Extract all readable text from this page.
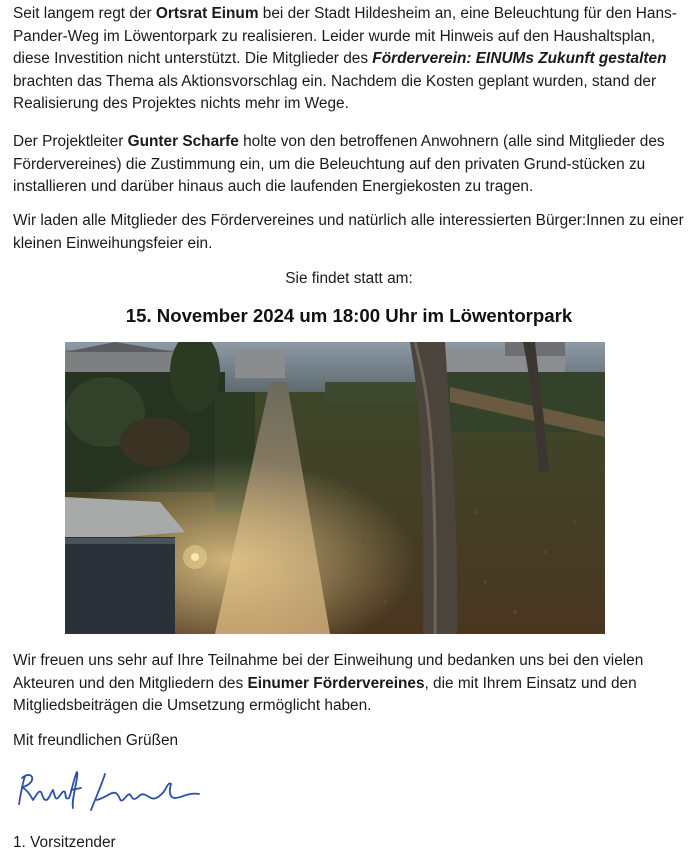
Seit langem regt der Ortsrat Einum bei der Stadt Hildesheim an, eine Beleuchtung für den Hans-Pander-Weg im Löwentorpark zu realisieren. Leider wurde mit Hinweis auf den Haushaltsplan, diese Investition nicht unterstützt. Die Mitglieder des Förderverein: EINUMs Zukunft gestalten brachten das Thema als Aktionsvorschlag ein. Nachdem die Kosten geplant wurden, stand der Realisierung des Projektes nichts mehr im Wege.

Der Projektleiter Gunter Scharfe holte von den betroffenen Anwohnern (alle sind Mitglieder des Fördervereines) die Zustimmung ein, um die Beleuchtung auf den privaten Grund-stücken zu installieren und darüber hinaus auch die laufenden Energiekosten zu tragen.

Wir laden alle Mitglieder des Fördervereines und natürlich alle interessierten Bürger:Innen zu einer kleinen Einweihungsfeier ein.

Sie findet statt am:

15. November 2024 um 18:00 Uhr im Löwentorpark

Wir freuen uns sehr auf Ihre Teilnahme bei der Einweihung und bedanken uns bei den vielen Akteuren und den Mitgliedern des Einumer Fördervereines, die mit Ihrem Einsatz und den Mitgliedsbeiträgen die Umsetzung ermöglicht haben.

Mit freundlichen Grüßen

1. Vorsitzender
